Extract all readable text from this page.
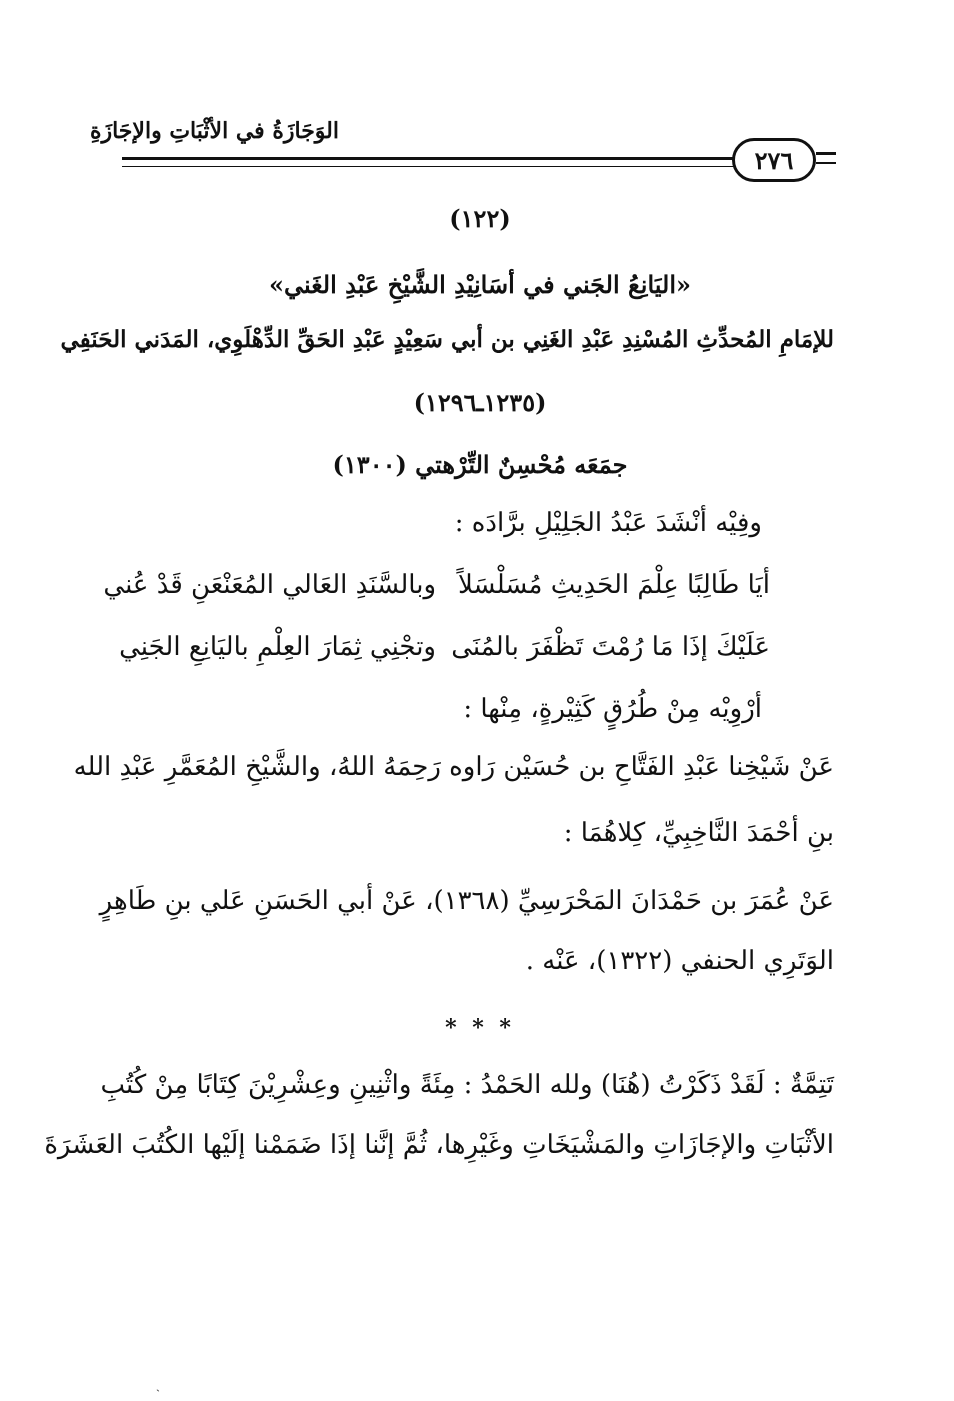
الوَجَازَةُ في الأثْبَاتِ والإجَازَةِ
٢٧٦
(١٢٢)
«اليَانِعُ الجَني في أسَانِيْدِ الشَّيْخِ عَبْدِ الغَني»
للإمَامِ المُحدِّثِ المُسْنِدِ عَبْدِ الغَنِي بن أبي سَعِيْدٍ عَبْدِ الحَقِّ الدِّهْلَوِي، المَدَني الحَنَفِي
(١٢٣٥ـ١٢٩٦)
جمَعَه مُحْسِنٌ التِّرْهتي (١٣٠٠)
وفِيْه أنْشَدَ عَبْدُ الجَلِيْلِ برَّادَه :
أيَا طَالِبًا عِلْمَ الحَدِيثِ مُسَلْسَلاً
وبالسَّنَدِ العَالي المُعَنْعَنِ قَدْ عُني
عَلَيْكَ إذَا مَا رُمْتَ تَظْفَرَ بالمُنَى
وتجْنِي ثِمَارَ العِلْمِ باليَانِعِ الجَنِي
أرْوِيْه مِنْ طُرُقٍ كَثِيْرةٍ، مِنْها :
عَنْ شَيْخِنا عَبْدِ الفَتَّاحِ بن حُسَيْن رَاوه رَحِمَهُ اللهُ، والشَّيْخِ المُعَمَّرِ عَبْدِ الله
بنِ أحْمَدَ النَّاخِبِيِّ، كِلاهُمَا :
عَنْ عُمَرَ بن حَمْدَانَ المَحْرَسِيِّ (١٣٦٨)، عَنْ أبي الحَسَنِ عَلي بنِ طَاهِرٍ
الوَتَرِي الحنفي (١٣٢٢)، عَنْه .
* * *
تَتِمَّةٌ : لَقَدْ ذَكَرْتُ (هُنَا) ولله الحَمْدُ : مِئَةً واثْنِينِ وعِشْرِيْنَ كِتَابًا مِنْ كُتُبِ
الأثْبَاتِ والإجَازَاتِ والمَشْيَخَاتِ وغَيْرِها، ثُمَّ إنَّنا إذَا ضَمَمْنا إلَيْها الكُتُبَ العَشَرَةَ
ˏ
